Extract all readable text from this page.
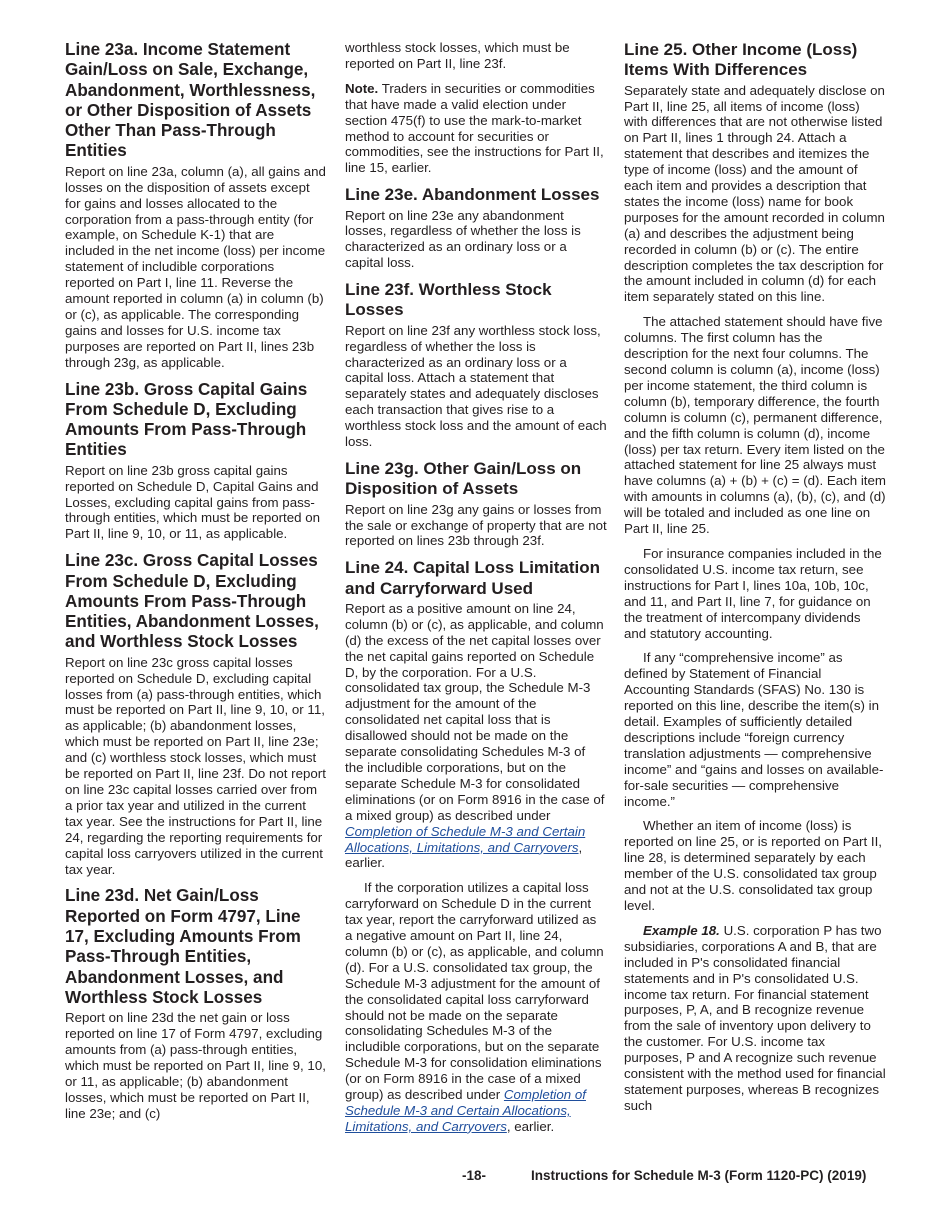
Line 23a. Income Statement Gain/Loss on Sale, Exchange, Abandonment, Worthlessness, or Other Disposition of Assets Other Than Pass-Through Entities

Report on line 23a, column (a), all gains and losses on the disposition of assets except for gains and losses allocated to the corporation from a pass-through entity (for example, on Schedule K-1) that are included in the net income (loss) per income statement of includible corporations reported on Part I, line 11. Reverse the amount reported in column (a) in column (b) or (c), as applicable. The corresponding gains and losses for U.S. income tax purposes are reported on Part II, lines 23b through 23g, as applicable.

Line 23b. Gross Capital Gains From Schedule D, Excluding Amounts From Pass-Through Entities

Report on line 23b gross capital gains reported on Schedule D, Capital Gains and Losses, excluding capital gains from pass-through entities, which must be reported on Part II, line 9, 10, or 11, as applicable.

Line 23c. Gross Capital Losses From Schedule D, Excluding Amounts From Pass-Through Entities, Abandonment Losses, and Worthless Stock Losses

Report on line 23c gross capital losses reported on Schedule D, excluding capital losses from (a) pass-through entities, which must be reported on Part II, line 9, 10, or 11, as applicable; (b) abandonment losses, which must be reported on Part II, line 23e; and (c) worthless stock losses, which must be reported on Part II, line 23f. Do not report on line 23c capital losses carried over from a prior tax year and utilized in the current tax year. See the instructions for Part II, line 24, regarding the reporting requirements for capital loss carryovers utilized in the current tax year.

Line 23d. Net Gain/Loss Reported on Form 4797, Line 17, Excluding Amounts From Pass-Through Entities, Abandonment Losses, and Worthless Stock Losses

Report on line 23d the net gain or loss reported on line 17 of Form 4797, excluding amounts from (a) pass-through entities, which must be reported on Part II, line 9, 10, or 11, as applicable; (b) abandonment losses, which must be reported on Part II, line 23e; and (c)

worthless stock losses, which must be reported on Part II, line 23f.

Note. Traders in securities or commodities that have made a valid election under section 475(f) to use the mark-to-market method to account for securities or commodities, see the instructions for Part II, line 15, earlier.

Line 23e. Abandonment Losses

Report on line 23e any abandonment losses, regardless of whether the loss is characterized as an ordinary loss or a capital loss.

Line 23f. Worthless Stock Losses

Report on line 23f any worthless stock loss, regardless of whether the loss is characterized as an ordinary loss or a capital loss. Attach a statement that separately states and adequately discloses each transaction that gives rise to a worthless stock loss and the amount of each loss.

Line 23g. Other Gain/Loss on Disposition of Assets

Report on line 23g any gains or losses from the sale or exchange of property that are not reported on lines 23b through 23f.

Line 24. Capital Loss Limitation and Carryforward Used

Report as a positive amount on line 24, column (b) or (c), as applicable, and column (d) the excess of the net capital losses over the net capital gains reported on Schedule D, by the corporation. For a U.S. consolidated tax group, the Schedule M-3 adjustment for the amount of the consolidated net capital loss that is disallowed should not be made on the separate consolidating Schedules M-3 of the includible corporations, but on the separate Schedule M-3 for consolidated eliminations (or on Form 8916 in the case of a mixed group) as described under Completion of Schedule M-3 and Certain Allocations, Limitations, and Carryovers, earlier.

If the corporation utilizes a capital loss carryforward on Schedule D in the current tax year, report the carryforward utilized as a negative amount on Part II, line 24, column (b) or (c), as applicable, and column (d). For a U.S. consolidated tax group, the Schedule M-3 adjustment for the amount of the consolidated capital loss carryforward should not be made on the separate consolidating Schedules M-3 of the includible corporations, but on the separate Schedule M-3 for consolidation eliminations (or on Form 8916 in the case of a mixed group) as described under Completion of Schedule M-3 and Certain Allocations, Limitations, and Carryovers, earlier.

Line 25. Other Income (Loss) Items With Differences

Separately state and adequately disclose on Part II, line 25, all items of income (loss) with differences that are not otherwise listed on Part II, lines 1 through 24. Attach a statement that describes and itemizes the type of income (loss) and the amount of each item and provides a description that states the income (loss) name for book purposes for the amount recorded in column (a) and describes the adjustment being recorded in column (b) or (c). The entire description completes the tax description for the amount included in column (d) for each item separately stated on this line.

The attached statement should have five columns. The first column has the description for the next four columns. The second column is column (a), income (loss) per income statement, the third column is column (b), temporary difference, the fourth column is column (c), permanent difference, and the fifth column is column (d), income (loss) per tax return. Every item listed on the attached statement for line 25 always must have columns (a) + (b) + (c) = (d). Each item with amounts in columns (a), (b), (c), and (d) will be totaled and included as one line on Part II, line 25.

For insurance companies included in the consolidated U.S. income tax return, see instructions for Part I, lines 10a, 10b, 10c, and 11, and Part II, line 7, for guidance on the treatment of intercompany dividends and statutory accounting.

If any “comprehensive income” as defined by Statement of Financial Accounting Standards (SFAS) No. 130 is reported on this line, describe the item(s) in detail. Examples of sufficiently detailed descriptions include “foreign currency translation adjustments — comprehensive income” and “gains and losses on available-for-sale securities — comprehensive income.”

Whether an item of income (loss) is reported on line 25, or is reported on Part II, line 28, is determined separately by each member of the U.S. consolidated tax group and not at the U.S. consolidated tax group level.

Example 18. U.S. corporation P has two subsidiaries, corporations A and B, that are included in P's consolidated financial statements and in P's consolidated U.S. income tax return. For financial statement purposes, P, A, and B recognize revenue from the sale of inventory upon delivery to the customer. For U.S. income tax purposes, P and A recognize such revenue consistent with the method used for financial statement purposes, whereas B recognizes such

-18-	Instructions for Schedule M-3 (Form 1120-PC) (2019)
